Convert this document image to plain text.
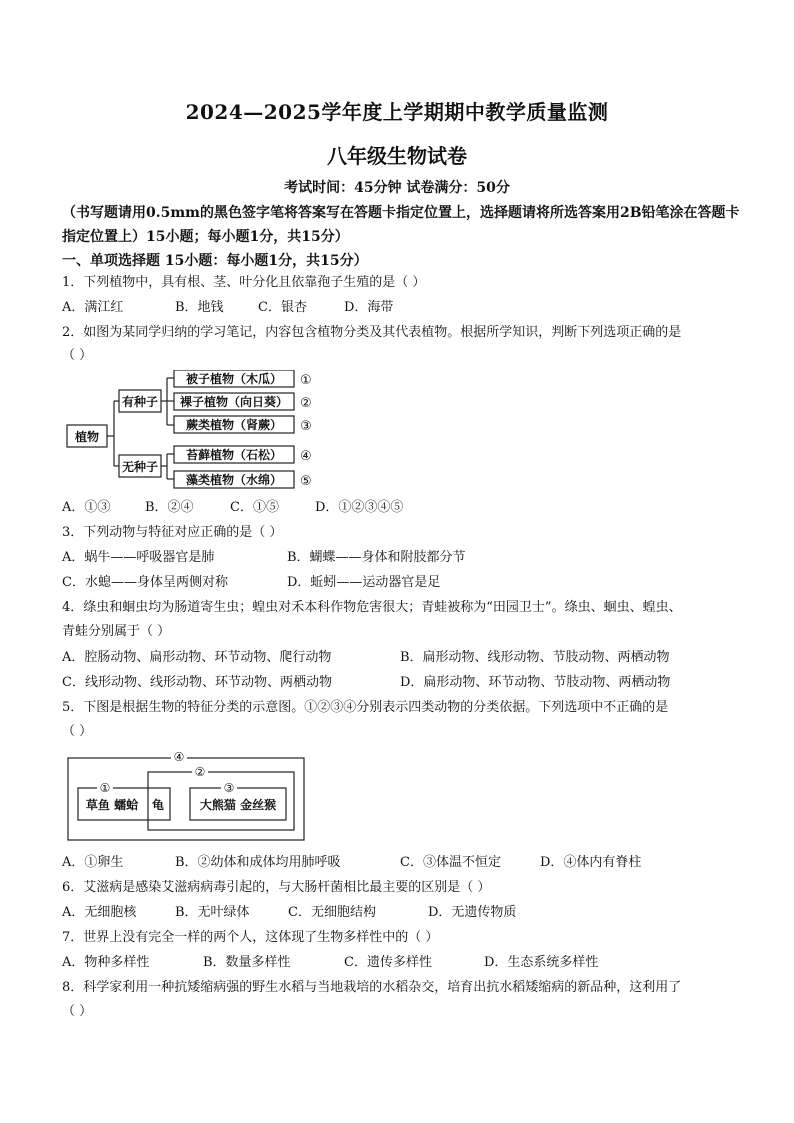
2024—2025学年度上学期期中教学质量监测
八年级生物试卷
考试时间：45分钟 试卷满分：50分
（书写题请用0.5mm的黑色签字笔将答案写在答题卡指定位置上，选择题请将所选答案用2B铅笔涂在答题卡指定位置上）15小题；每小题1分，共15分）
一、单项选择题 15小题：每小题1分，共15分）
1．下列植物中，具有根、茎、叶分化且依靠孢子生殖的是（ ）
A．满江红	B．地钱	C．银杏	D．海带
2．如图为某同学归纳的学习笔记，内容包含植物分类及其代表植物。根据所学知识，判断下列选项正确的是
（ ）
植物
有种子
无种子
被子植物（木瓜）
裸子植物（向日葵）
蕨类植物（肾蕨）
苔藓植物（石松）
藻类植物（水绵）
①
②
③
④
⑤
A．①③	B．②④	C．①⑤	D．①②③④⑤
3．下列动物与特征对应正确的是（ ）
A．蜗牛——呼吸器官是肺	B．蝴蝶——身体和附肢都分节
C．水螅——身体呈两侧对称	D．蚯蚓——运动器官是足
4．绦虫和蛔虫均为肠道寄生虫；蝗虫对禾本科作物危害很大；青蛙被称为“田园卫士”。绦虫、蛔虫、蝗虫、
青蛙分别属于（ ）
A．腔肠动物、扁形动物、环节动物、爬行动物	B．扁形动物、线形动物、节肢动物、两栖动物
C．线形动物、线形动物、环节动物、两栖动物	D．扁形动物、环节动物、节肢动物、两栖动物
5．下图是根据生物的特征分类的示意图。①②③④分别表示四类动物的分类依据。下列选项中不正确的是
（ ）
④
②
①	③
草鱼 蠕蛤 龟	大熊猫 金丝猴
A．①卵生	B．②幼体和成体均用肺呼吸	C．③体温不恒定	D．④体内有脊柱
6．艾滋病是感染艾滋病病毒引起的，与大肠杆菌相比最主要的区别是（ ）
A．无细胞核	B．无叶绿体	C．无细胞结构	D．无遗传物质
7．世界上没有完全一样的两个人，这体现了生物多样性中的（ ）
A．物种多样性	B．数量多样性	C．遗传多样性	D．生态系统多样性
8．科学家利用一种抗矮缩病强的野生水稻与当地栽培的水稻杂交，培育出抗水稻矮缩病的新品种，这利用了
（ ）
